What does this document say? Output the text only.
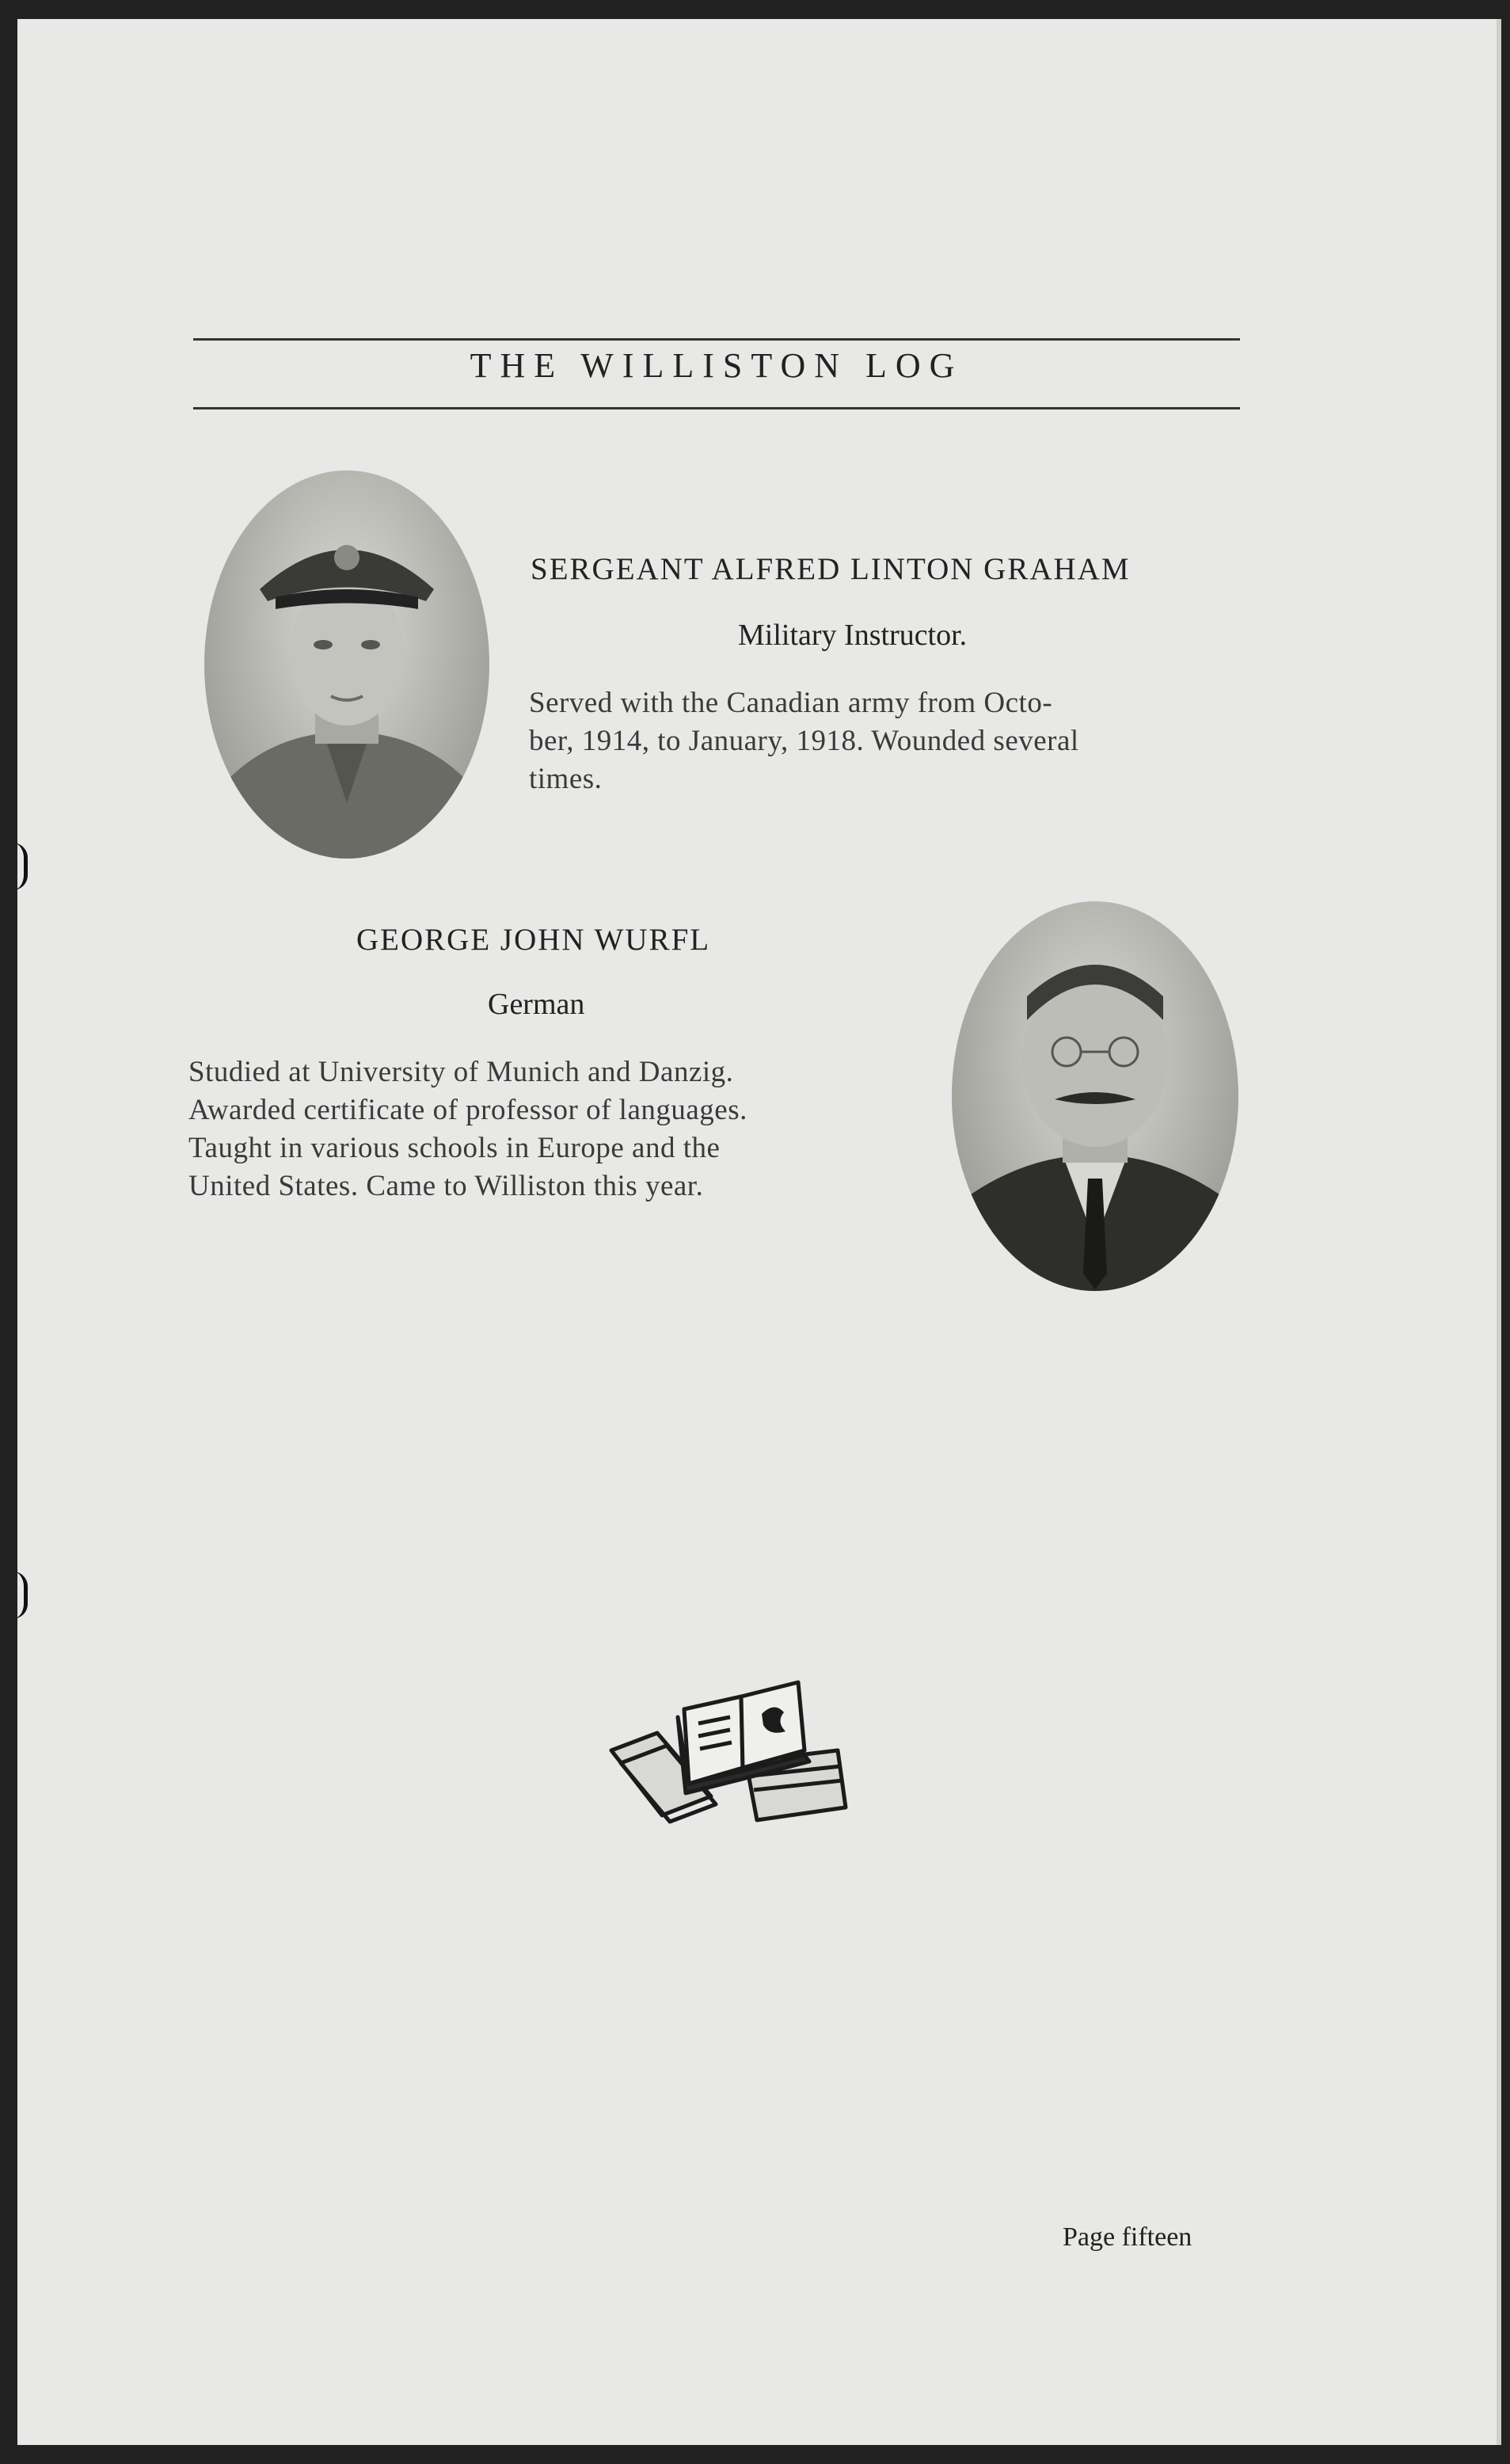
THE WILLISTON LOG
SERGEANT ALFRED LINTON GRAHAM
Military Instructor.
Served with the Canadian army from Octo-
ber, 1914, to January, 1918. Wounded several
times.
GEORGE JOHN WURFL
German
Studied at University of Munich and Danzig.
Awarded certificate of professor of languages.
Taught in various schools in Europe and the
United States. Came to Williston this year.
Page fifteen
